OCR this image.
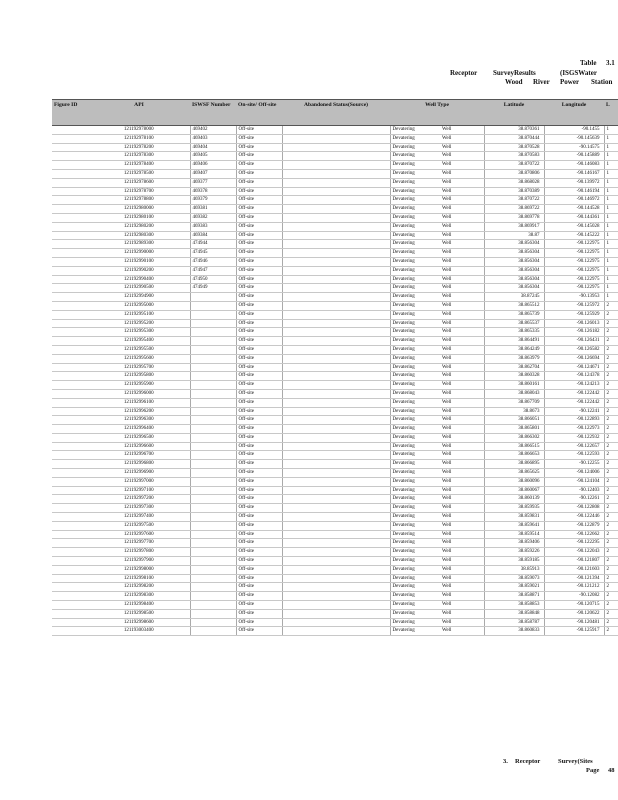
Table 3.1
Receptor SurveyResults	(ISGSWater
Wood River Power Station
Figure ID	API	ISWSF Number	On-site/ Off-site	Abandoned Status(Source)	Well Type		Latitude	Longitude	L
	121192978000	469402	Off-site		Devatering	Well	38.870361	-90.1455	1
	121192978100	469403	Off-site		Devatering	Well	38.870444	-90.145639	1
	121192978200	469404	Off-site		Devatering	Well	38.870528	-90.14575	1
	121192978300	469405	Off-site		Devatering	Well	38.870583	-90.145889	1
	121192978400	469406	Off-site		Devatering	Well	38.870722	-90.146083	1
	121192978500	469407	Off-site		Devatering	Well	38.870806	-90.146167	1
	121192978600	469377	Off-site		Devatering	Well	38.868028	-90.139972	1
	121192978700	469378	Off-site		Devatering	Well	38.870389	-90.146194	1
	121192978800	469379	Off-site		Devatering	Well	38.870722	-90.146972	1
	121192980000	469381	Off-site		Devatering	Well	38.869722	-90.144528	1
	121192980100	469382	Off-site		Devatering	Well	38.869778	-90.144361	1
	121192980200	469383	Off-site		Devatering	Well	38.869917	-90.145028	1
	121192980300	469384	Off-site		Devatering	Well	38.87	-90.145222	1
	121192989300	474944	Off-site		Devatering	Well	38.856304	-90.122975	1
	121192990000	474945	Off-site		Devatering	Well	38.856304	-90.122975	1
	121192990100	474946	Off-site		Devatering	Well	38.856304	-90.122975	1
	121192990200	474947	Off-site		Devatering	Well	38.856304	-90.122975	1
	121192990400	474950	Off-site		Devatering	Well	38.856304	-90.122975	1
	121192990500	474949	Off-site		Devatering	Well	38.856304	-90.122975	1
	121192994900		Off-site		Devatering	Well	38.87245	-90.13953	1
	121192995000		Off-site		Devatering	Well	38.865512	-90.125972	2
	121192995100		Off-site		Devatering	Well	38.865739	-90.125929	2
	121192995200		Off-site		Devatering	Well	38.865537	-90.126013	2
	121192995300		Off-site		Devatering	Well	38.865335	-90.126182	2
	121192995400		Off-site		Devatering	Well	38.864491	-90.126431	2
	121192995500		Off-site		Devatering	Well	38.864249	-90.126582	2
	121192995600		Off-site		Devatering	Well	38.863979	-90.126694	2
	121192995700		Off-site		Devatering	Well	38.862704	-90.124671	2
	121192995800		Off-site		Devatering	Well	38.860328	-90.124378	2
	121192995900		Off-site		Devatering	Well	38.860161	-90.124213	2
	121192996000		Off-site		Devatering	Well	38.868043	-90.122442	2
	121192996100		Off-site		Devatering	Well	38.867709	-90.122442	2
	121192996200		Off-site		Devatering	Well	38.8673	-90.12241	2
	121192996300		Off-site		Devatering	Well	38.866051	-90.122893	2
	121192996400		Off-site		Devatering	Well	38.865801	-90.122973	2
	121192996500		Off-site		Devatering	Well	38.866302	-90.122932	2
	121192996600		Off-site		Devatering	Well	38.866515	-90.122657	2
	121192996700		Off-site		Devatering	Well	38.866653	-90.122593	2
	121192996800		Off-site		Devatering	Well	38.866895	-90.12255	2
	121192996900		Off-site		Devatering	Well	38.865625	-90.124006	2
	121192997000		Off-site		Devatering	Well	38.860096	-90.124104	2
	121192997100		Off-site		Devatering	Well	38.860067	-90.12403	2
	121192997200		Off-site		Devatering	Well	38.860139	-90.12261	2
	121192997300		Off-site		Devatering	Well	38.859935	-90.122808	2
	121192997400		Off-site		Devatering	Well	38.859831	-90.122446	2
	121192997500		Off-site		Devatering	Well	38.859641	-90.122879	2
	121192997600		Off-site		Devatering	Well	38.859514	-90.122662	2
	121192997700		Off-site		Devatering	Well	38.859406	-90.122295	2
	121192997800		Off-site		Devatering	Well	38.859226	-90.122043	2
	121192997900		Off-site		Devatering	Well	38.859185	-90.121807	2
	121192998000		Off-site		Devatering	Well	38.85913	-90.121603	2
	121192998100		Off-site		Devatering	Well	38.859073	-90.121394	2
	121192998200		Off-site		Devatering	Well	38.859021	-90.121212	2
	121192998300		Off-site		Devatering	Well	38.858871	-90.12082	2
	121192998400		Off-site		Devatering	Well	38.858853	-90.120715	2
	121192998500		Off-site		Devatering	Well	38.858848	-90.120622	2
	121192998600		Off-site		Devatering	Well	38.858787	-90.120481	2
	121193003400		Off-site		Devatering	Well	38.860833	-90.125917	2
3. Receptor	Survey(Sites
Page 48
